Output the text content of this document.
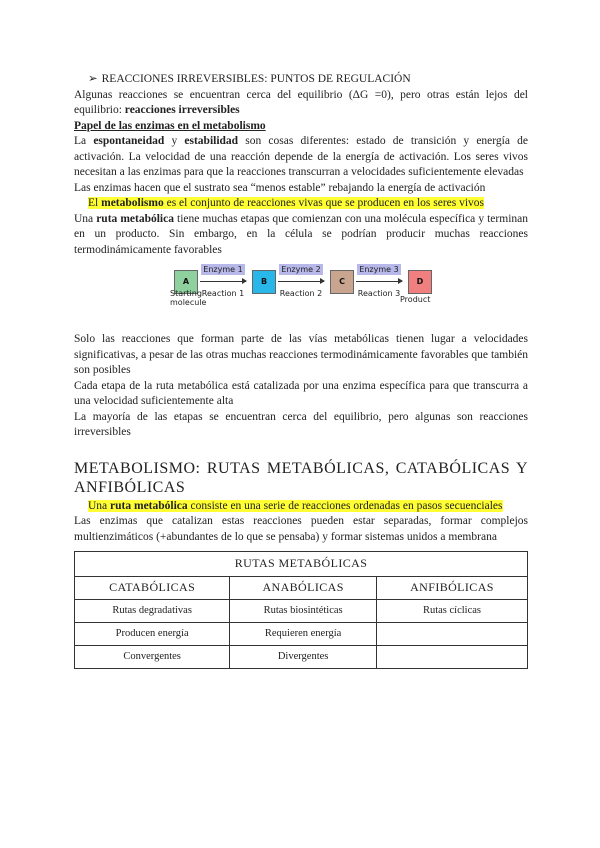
➢ REACCIONES IRREVERSIBLES: PUNTOS DE REGULACIÓN

Algunas reacciones se encuentran cerca del equilibrio (ΔG =0), pero otras están lejos del equilibrio: reacciones irreversibles

Papel de las enzimas en el metabolismo

La espontaneidad y estabilidad son cosas diferentes: estado de transición y energía de activación. La velocidad de una reacción depende de la energía de activación. Los seres vivos necesitan a las enzimas para que la reacciones transcurran a velocidades suficientemente elevadas

Las enzimas hacen que el sustrato sea “menos estable” rebajando la energía de activación

El metabolismo es el conjunto de reacciones vivas que se producen en los seres vivos

Una ruta metabólica tiene muchas etapas que comienzan con una molécula específica y terminan en un producto. Sin embargo, en la célula se podrían producir muchas reacciones termodinámicamente favorables

A
Enzyme 1
Reaction 1
B
Enzyme 2
Reaction 2
C
Enzyme 3
Reaction 3
D
Starting
molecule	Product

Solo las reacciones que forman parte de las vías metabólicas tienen lugar a velocidades significativas, a pesar de las otras muchas reacciones termodinámicamente favorables que también son posibles

Cada etapa de la ruta metabólica está catalizada por una enzima específica para que transcurra a una velocidad suficientemente alta

La mayoría de las etapas se encuentran cerca del equilibrio, pero algunas son reacciones irreversibles

METABOLISMO: RUTAS METABÓLICAS, CATABÓLICAS Y
ANFIBÓLICAS

Una ruta metabólica consiste en una serie de reacciones ordenadas en pasos secuenciales

Las enzimas que catalizan estas reacciones pueden estar separadas, formar complejos multienzimáticos (+abundantes de lo que se pensaba) y formar sistemas unidos a membrana

RUTAS METABÓLICAS		
CATABÓLICAS	ANABÓLICAS	ANFIBÓLICAS
Rutas degradativas	Rutas biosintéticas	Rutas cíclicas
Producen energía	Requieren energía	
Convergentes	Divergentes	
